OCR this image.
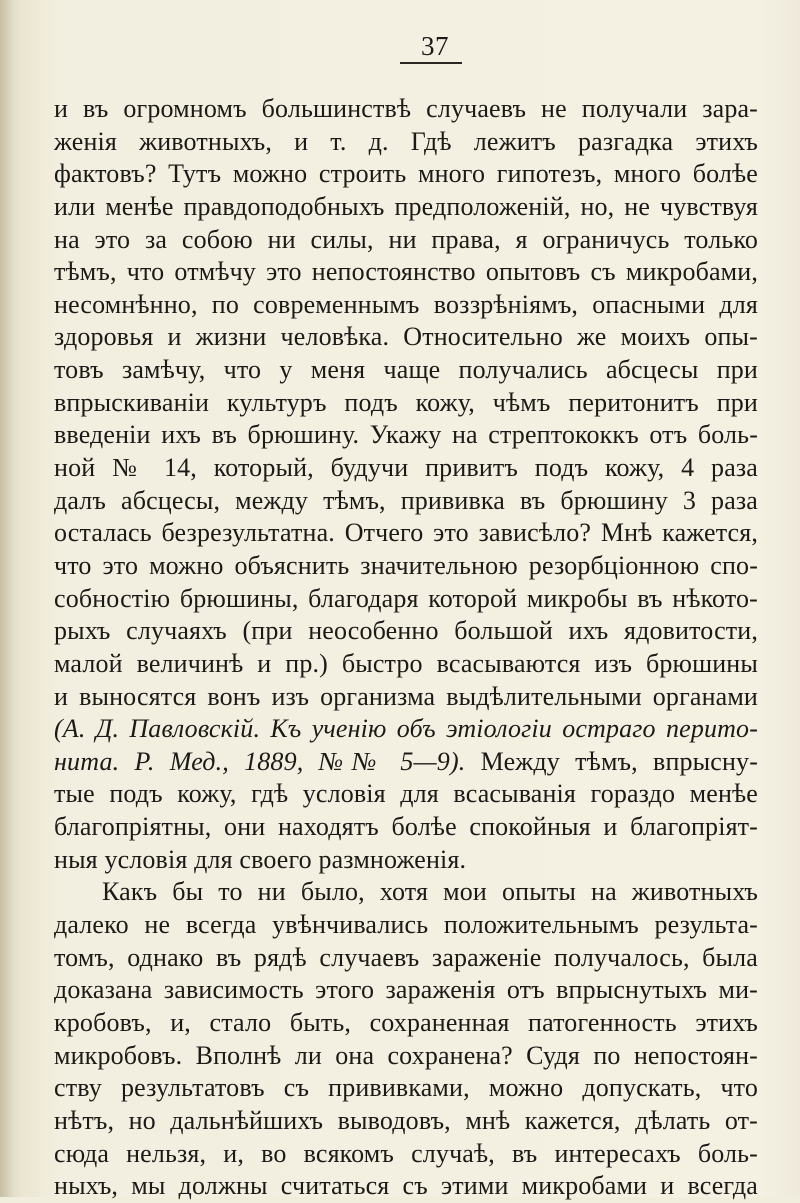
37
и въ огромномъ большинствѣ случаевъ не получали зара-
женія животныхъ, и т. д. Гдѣ лежитъ разгадка этихъ
фактовъ? Тутъ можно строить много гипотезъ, много болѣе
или менѣе правдоподобныхъ предположеній, но, не чувствуя
на это за собою ни силы, ни права, я ограничусь только
тѣмъ, что отмѣчу это непостоянство опытовъ съ микробами,
несомнѣнно, по современнымъ воззрѣніямъ, опасными для
здоровья и жизни человѣка. Относительно же моихъ опы-
товъ замѣчу, что у меня чаще получались абсцесы при
впрыскиваніи культуръ подъ кожу, чѣмъ перитонитъ при
введеніи ихъ въ брюшину. Укажу на стрептококкъ отъ боль-
ной № 14, который, будучи привитъ подъ кожу, 4 раза
далъ абсцесы, между тѣмъ, прививка въ брюшину 3 раза
осталась безрезультатна. Отчего это зависѣло? Мнѣ кажется,
что это можно объяснить значительною резорбціонною спо-
собностію брюшины, благодаря которой микробы въ нѣкото-
рыхъ случаяхъ (при неособенно большой ихъ ядовитости,
малой величинѣ и пр.) быстро всасываются изъ брюшины
и выносятся вонъ изъ организма выдѣлительными органами
(А. Д. Павловскій. Къ ученію объ этіологіи остраго перито-
нита. Р. Мед., 1889, №№ 5—9). Между тѣмъ, впрысну-
тые подъ кожу, гдѣ условія для всасыванія гораздо менѣе
благопріятны, они находятъ болѣе спокойныя и благопріят-
ныя условія для своего размноженія.
Какъ бы то ни было, хотя мои опыты на животныхъ
далеко не всегда увѣнчивались положительнымъ результа-
томъ, однако въ рядѣ случаевъ зараженіе получалось, была
доказана зависимость этого зараженія отъ впрыснутыхъ ми-
кробовъ, и, стало быть, сохраненная патогенность этихъ
микробовъ. Вполнѣ ли она сохранена? Судя по непостоян-
ству результатовъ съ прививками, можно допускать, что
нѣтъ, но дальнѣйшихъ выводовъ, мнѣ кажется, дѣлать от-
сюда нельзя, и, во всякомъ случаѣ, въ интересахъ боль-
ныхъ, мы должны считаться съ этими микробами и всегда
